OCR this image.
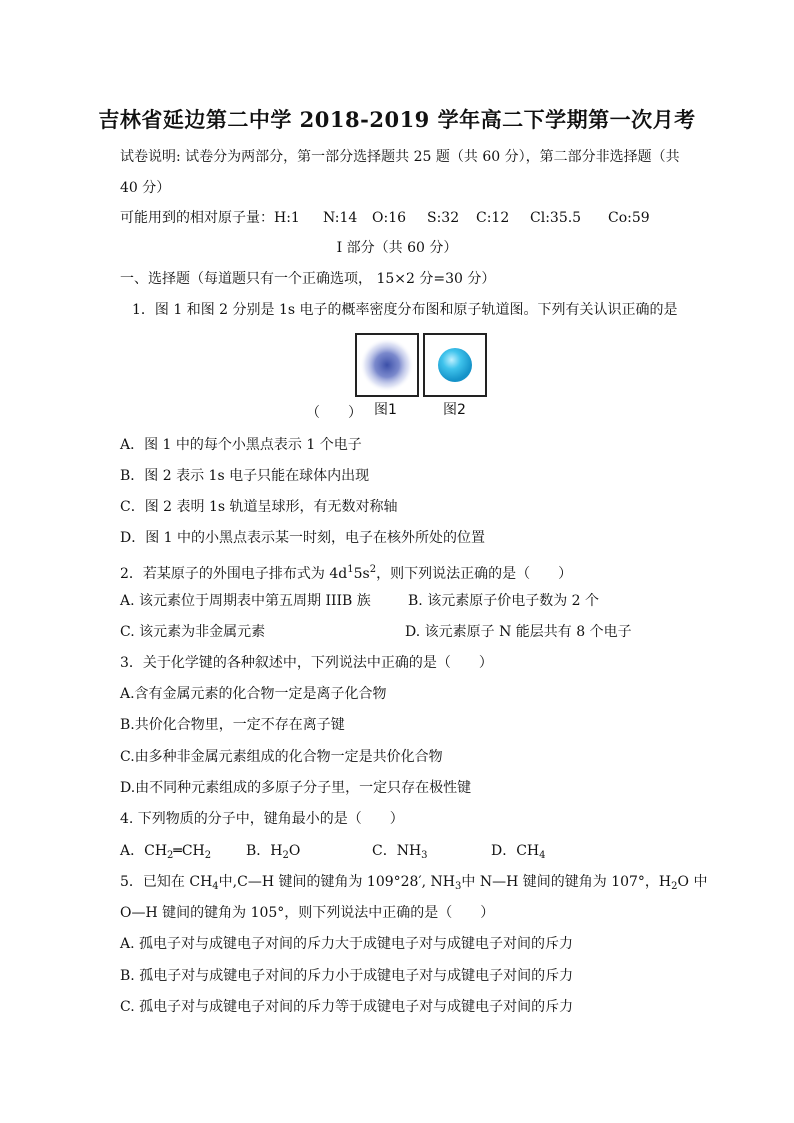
吉林省延边第二中学 2018-2019 学年高二下学期第一次月考
试卷说明: 试卷分为两部分，第一部分选择题共 25 题（共 60 分），第二部分非选择题（共
40 分）
可能用到的相对原子量： H:1 N:14 O:16 S:32 C:12 Cl:35.5 Co:59
I 部分（共 60 分）
一、选择题（每道题只有一个正确选项， 15×2 分=30 分）
1．图 1 和图 2 分别是 1s 电子的概率密度分布图和原子轨道图。下列有关认识正确的是
图1	图2
（　　）
A．图 1 中的每个小黑点表示 1 个电子
B．图 2 表示 1s 电子只能在球体内出现
C．图 2 表明 1s 轨道呈球形，有无数对称轴
D．图 1 中的小黑点表示某一时刻，电子在核外所处的位置
2．若某原子的外围电子排布式为 $4d^15s^2$，则下列说法正确的是（　　）
A. 该元素位于周期表中第五周期 IIIB 族	B. 该元素原子价电子数为 2 个
C. 该元素为非金属元素	D. 该元素原子 N 能层共有 8 个电子
3．关于化学键的各种叙述中，下列说法中正确的是（　　）
A.含有金属元素的化合物一定是离子化合物
B.共价化合物里，一定不存在离子键
C.由多种非金属元素组成的化合物一定是共价化合物
D.由不同种元素组成的多原子分子里，一定只存在极性键
4. 下列物质的分子中，键角最小的是（　　）
A．$CH_2═CH_2$ B．$H_2O$	C．$NH_3$	D．$CH_4$
5．已知在 $CH_4$中,C—H 键间的键角为 109°28′, $NH_3$中 N—H 键间的键角为 107°，$H_2O$ 中
O—H 键间的键角为 105°，则下列说法中正确的是（　　）
A. 孤电子对与成键电子对间的斥力大于成键电子对与成键电子对间的斥力
B. 孤电子对与成键电子对间的斥力小于成键电子对与成键电子对间的斥力
C. 孤电子对与成键电子对间的斥力等于成键电子对与成键电子对间的斥力
